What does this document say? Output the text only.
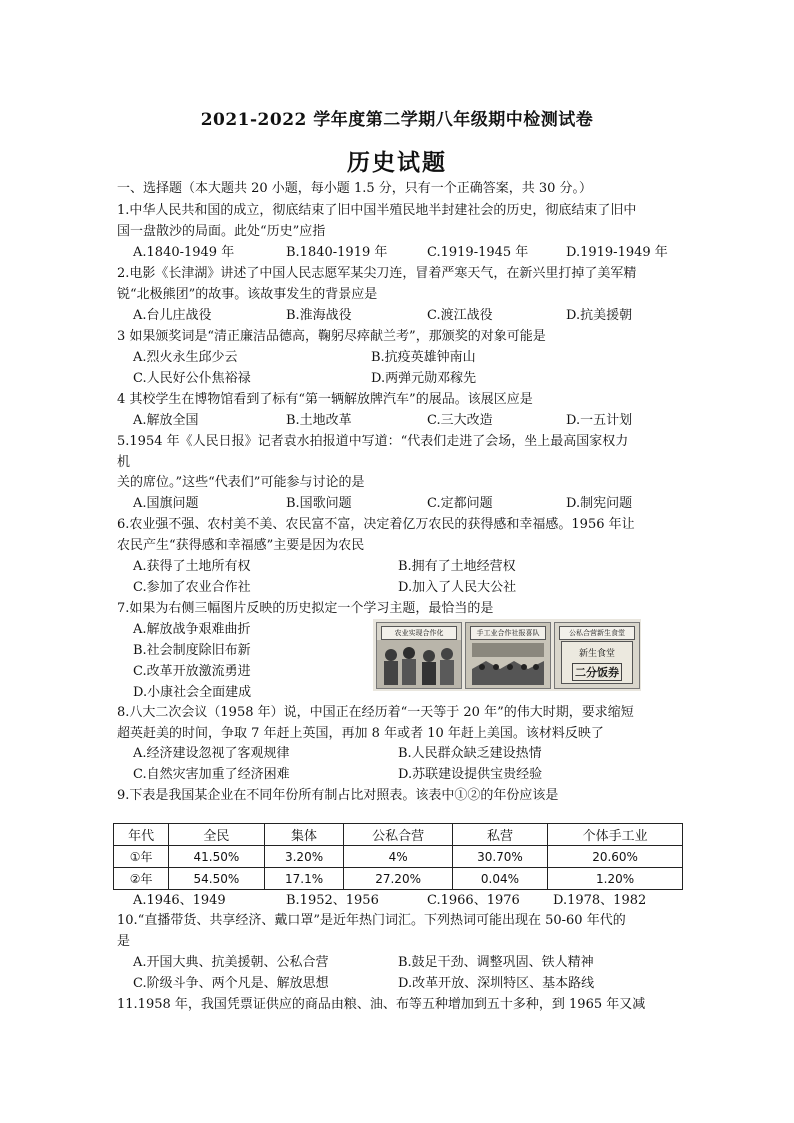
2021-2022 学年度第二学期八年级期中检测试卷
历史试题
一、选择题（本大题共 20 小题，每小题 1.5 分，只有一个正确答案，共 30 分。）
1.中华人民共和国的成立，彻底结束了旧中国半殖民地半封建社会的历史，彻底结束了旧中
国一盘散沙的局面。此处“历史”应指
A.1840-1949 年	B.1840-1919 年	C.1919-1945 年	D.1919-1949 年
2.电影《长津湖》讲述了中国人民志愿军某尖刀连，冒着严寒天气，在新兴里打掉了美军精
锐“北极熊团”的故事。该故事发生的背景应是
A.台儿庄战役	B.淮海战役	C.渡江战役	D.抗美援朝
3 如果颁奖词是“清正廉洁品德高，鞠躬尽瘁献兰考”，那颁奖的对象可能是
A.烈火永生邱少云	B.抗疫英雄钟南山
C.人民好公仆焦裕禄	D.两弹元勋邓稼先
4 其校学生在博物馆看到了标有“第一辆解放牌汽车”的展品。该展区应是
A.解放全国	B.土地改革	C.三大改造	D.一五计划
5.1954 年《人民日报》记者袁水拍报道中写道：“代表们走进了会场，坐上最高国家权力
机
关的席位。”这些“代表们”可能参与讨论的是
A.国旗问题	B.国歌问题	C.定都问题	D.制宪问题
6.农业强不强、农村美不美、农民富不富，决定着亿万农民的获得感和幸福感。1956 年让
农民产生“获得感和幸福感”主要是因为农民
A.获得了土地所有权	B.拥有了土地经营权
C.参加了农业合作社	D.加入了人民大公社
7.如果为右侧三幅图片反映的历史拟定一个学习主题，最恰当的是
A.解放战争艰难曲折
B.社会制度除旧布新
C.改革开放激流勇进
D.小康社会全面建成
农业实现合作化	手工业合作社报喜队	公私合营新生食堂
新生食堂
二分饭券
8.八大二次会议（1958 年）说，中国正在经历着“一天等于 20 年”的伟大时期，要求缩短
超英赶美的时间，争取 7 年赶上英国，再加 8 年或者 10 年赶上美国。该材料反映了
A.经济建设忽视了客观规律	B.人民群众缺乏建设热情
C.自然灾害加重了经济困难	D.苏联建设提供宝贵经验
9.下表是我国某企业在不同年份所有制占比对照表。该表中①②的年份应该是
年代	全民	集体	公私合营	私营	个体手工业
①年	41.50%	3.20%	4%	30.70%	20.60%
②年	54.50%	17.1%	27.20%	0.04%	1.20%
A.1946、1949	B.1952、1956	C.1966、1976	D.1978、1982
10.“直播带货、共享经济、戴口罩”是近年热门词汇。下列热词可能出现在 50-60 年代的
是
A.开国大典、抗美援朝、公私合营	B.鼓足干劲、调整巩固、铁人精神
C.阶级斗争、两个凡是、解放思想	D.改革开放、深圳特区、基本路线
11.1958 年，我国凭票证供应的商品由粮、油、布等五种增加到五十多种，到 1965 年又减
